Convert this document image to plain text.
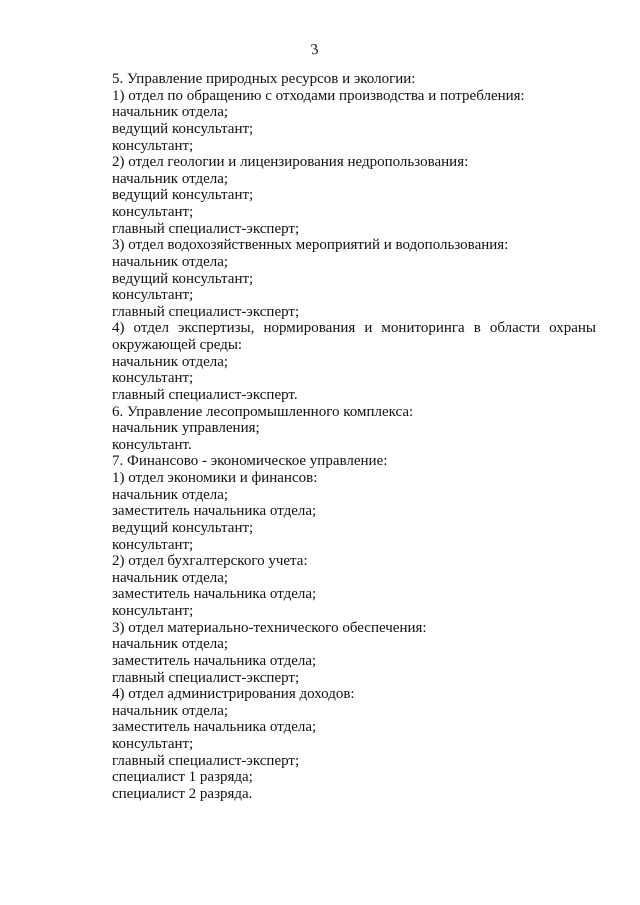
3
5. Управление природных ресурсов и экологии:
1) отдел по обращению с отходами производства и потребления:
начальник отдела;
ведущий консультант;
консультант;
2) отдел геологии и лицензирования недропользования:
начальник отдела;
ведущий консультант;
консультант;
главный специалист-эксперт;
3) отдел водохозяйственных мероприятий и водопользования:
начальник отдела;
ведущий консультант;
консультант;
главный специалист-эксперт;
4) отдел экспертизы, нормирования и мониторинга в области охраны
окружающей среды:
начальник отдела;
консультант;
главный специалист-эксперт.
6. Управление лесопромышленного комплекса:
начальник управления;
консультант.
7. Финансово - экономическое управление:
1) отдел экономики и финансов:
начальник отдела;
заместитель начальника отдела;
ведущий консультант;
консультант;
2) отдел бухгалтерского учета:
начальник отдела;
заместитель начальника отдела;
консультант;
3) отдел материально-технического обеспечения:
начальник отдела;
заместитель начальника отдела;
главный специалист-эксперт;
4) отдел администрирования доходов:
начальник отдела;
заместитель начальника отдела;
консультант;
главный специалист-эксперт;
специалист 1 разряда;
специалист 2 разряда.
